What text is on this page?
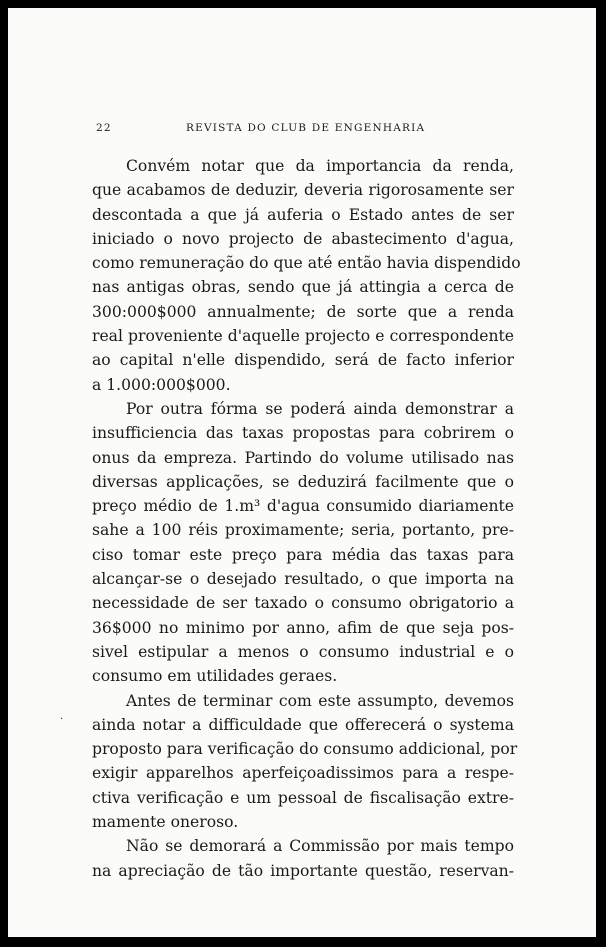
22	REVISTA DO CLUB DE ENGENHARIA

Convém notar que da importancia da renda,

que acabamos de deduzir, deveria rigorosamente ser

descontada a que já auferia o Estado antes de ser

iniciado o novo projecto de abastecimento d'agua,

como remuneração do que até então havia dispendido

nas antigas obras, sendo que já attingia a cerca de

300:000$000 annualmente; de sorte que a renda

real proveniente d'aquelle projecto e correspondente

ao capital n'elle dispendido, será de facto inferior

a 1.000:000$000.

Por outra fórma se poderá ainda demonstrar a

insufficiencia das taxas propostas para cobrirem o

onus da empreza. Partindo do volume utilisado nas

diversas applicações, se deduzirá facilmente que o

preço médio de 1.m³ d'agua consumido diariamente

sahe a 100 réis proximamente; seria, portanto, pre-

ciso tomar este preço para média das taxas para

alcançar-se o desejado resultado, o que importa na

necessidade de ser taxado o consumo obrigatorio a

36$000 no minimo por anno, afim de que seja pos-

sivel estipular a menos o consumo industrial e o

consumo em utilidades geraes.

Antes de terminar com este assumpto, devemos

ainda notar a difficuldade que offerecerá o systema

proposto para verificação do consumo addicional, por

exigir apparelhos aperfeiçoadissimos para a respe-

ctiva verificação e um pessoal de fiscalisação extre-

mamente oneroso.

Não se demorará a Commissão por mais tempo

na apreciação de tão importante questão, reservan-

·
